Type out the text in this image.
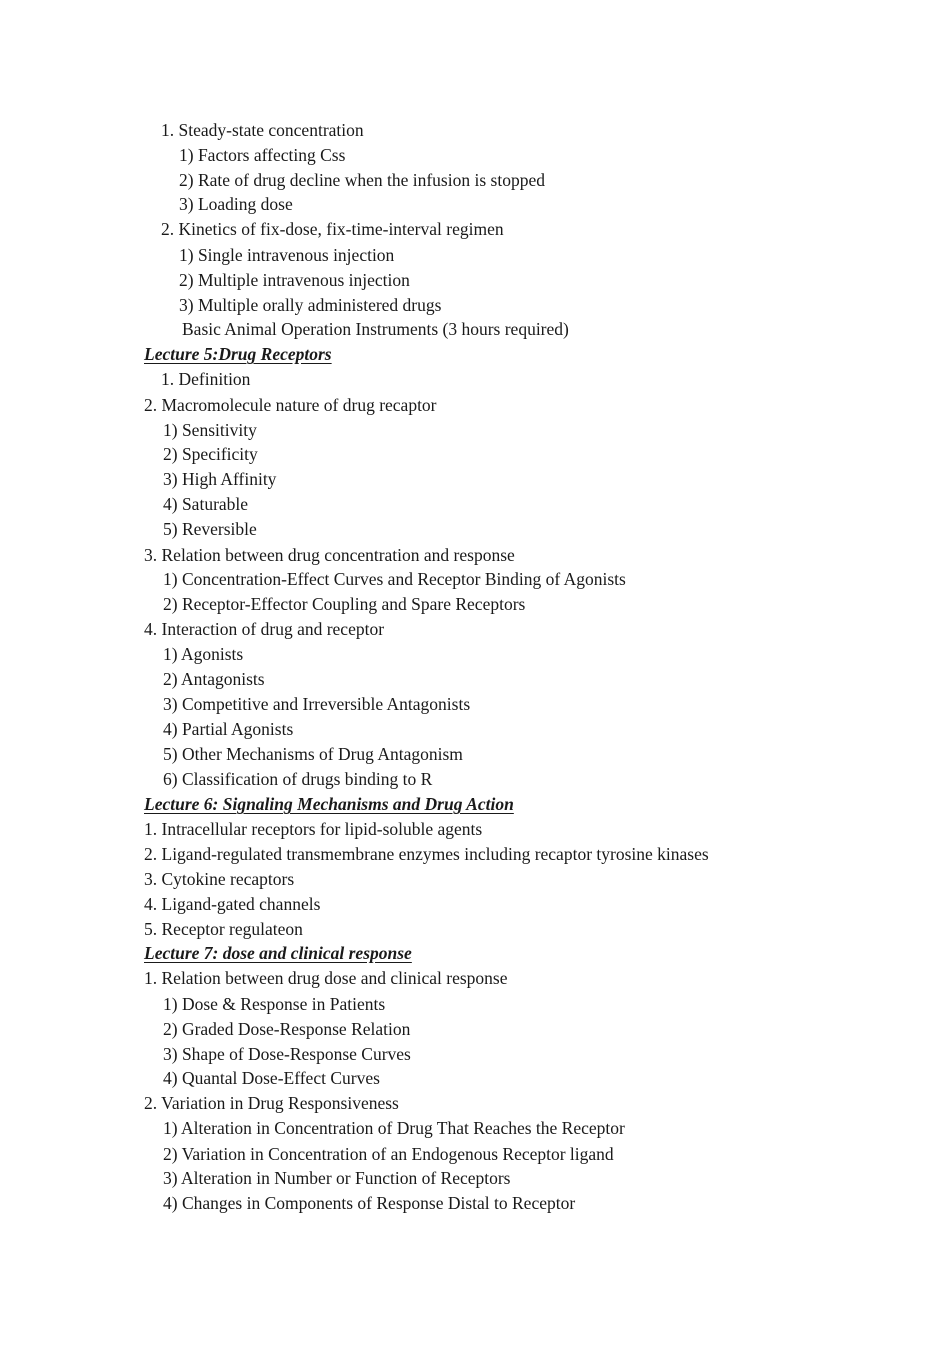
1. Steady-state concentration
1) Factors affecting Css
2) Rate of drug decline when the infusion is stopped
3) Loading dose
2. Kinetics of fix-dose, fix-time-interval regimen
1) Single intravenous injection
2) Multiple intravenous injection
3) Multiple orally administered drugs
Basic Animal Operation Instruments (3 hours required)
Lecture 5:Drug Receptors
1. Definition
2. Macromolecule nature of drug recaptor
1) Sensitivity
2) Specificity
3) High Affinity
4) Saturable
5) Reversible
3. Relation between drug concentration and response
1) Concentration-Effect Curves and Receptor Binding of Agonists
2) Receptor-Effector Coupling and Spare Receptors
4. Interaction of drug and receptor
1) Agonists
2) Antagonists
3) Competitive and Irreversible Antagonists
4) Partial Agonists
5) Other Mechanisms of Drug Antagonism
6) Classification of drugs binding to R
Lecture 6: Signaling Mechanisms and Drug Action
1. Intracellular receptors for lipid-soluble agents
2. Ligand-regulated transmembrane enzymes including recaptor tyrosine kinases
3. Cytokine recaptors
4. Ligand-gated channels
5. Receptor regulateon
Lecture 7: dose and clinical response
1. Relation between drug dose and clinical response
1) Dose & Response in Patients
2) Graded Dose-Response Relation
3) Shape of Dose-Response Curves
4) Quantal Dose-Effect Curves
2. Variation in Drug Responsiveness
1) Alteration in Concentration of Drug That Reaches the Receptor
2) Variation in Concentration of an Endogenous Receptor ligand
3) Alteration in Number or Function of Receptors
4) Changes in Components of Response Distal to Receptor
